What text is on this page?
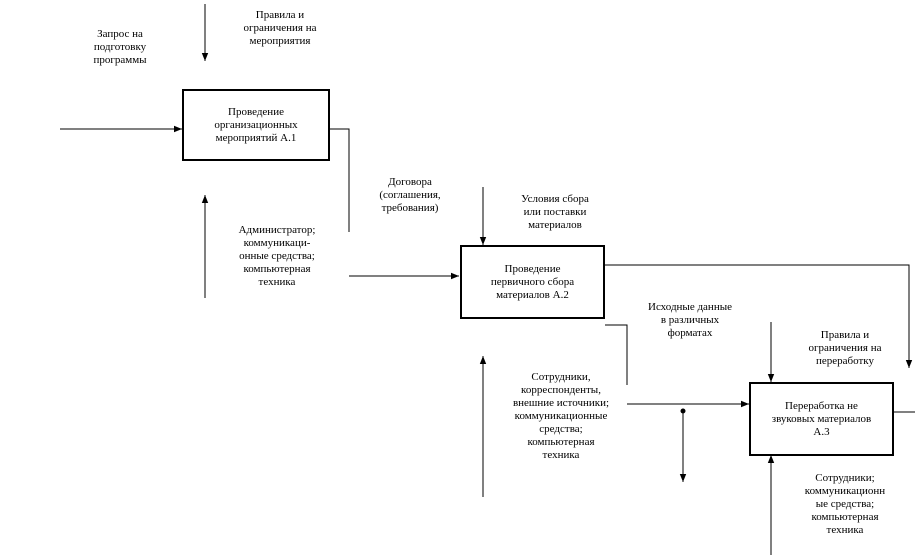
Проведение
организационных
мероприятий А.1
Проведение
первичного сбора
материалов А.2
Переработка не
звуковых материалов
А.3
Запрос на
подготовку
программы
Правила и
ограничения на
мероприятия
Администратор;
коммуникаци-
онные средства;
компьютерная
техника
Договора
(соглашения,
требования)
Условия сбора
или поставки
материалов
Исходные данные
в различных
форматах
Сотрудники,
корреспонденты,
внешние источники;
коммуникационные
средства;
компьютерная
техника
Правила и
ограничения на
переработку
Сотрудники;
коммуникационн
ые средства;
компьютерная
техника
